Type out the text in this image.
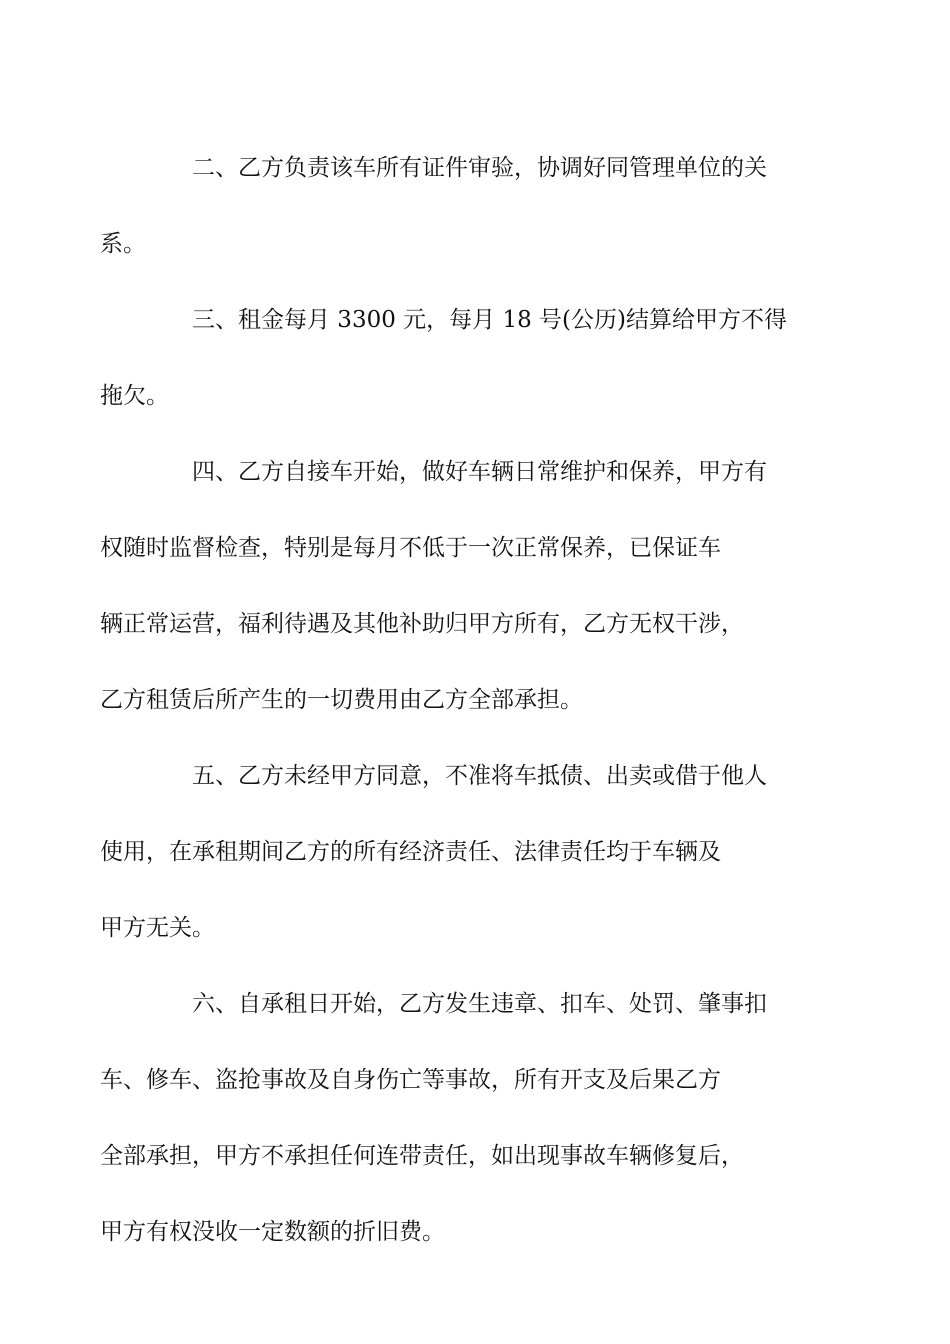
二、乙方负责该车所有证件审验，协调好同管理单位的关
系。
三、租金每月 3300 元，每月 18 号(公历)结算给甲方不得
拖欠。
四、乙方自接车开始，做好车辆日常维护和保养，甲方有
权随时监督检查，特别是每月不低于一次正常保养，已保证车
辆正常运营，福利待遇及其他补助归甲方所有，乙方无权干涉，
乙方租赁后所产生的一切费用由乙方全部承担。
五、乙方未经甲方同意，不准将车抵债、出卖或借于他人
使用，在承租期间乙方的所有经济责任、法律责任均于车辆及
甲方无关。
六、自承租日开始，乙方发生违章、扣车、处罚、肇事扣
车、修车、盗抢事故及自身伤亡等事故，所有开支及后果乙方
全部承担，甲方不承担任何连带责任，如出现事故车辆修复后，
甲方有权没收一定数额的折旧费。
